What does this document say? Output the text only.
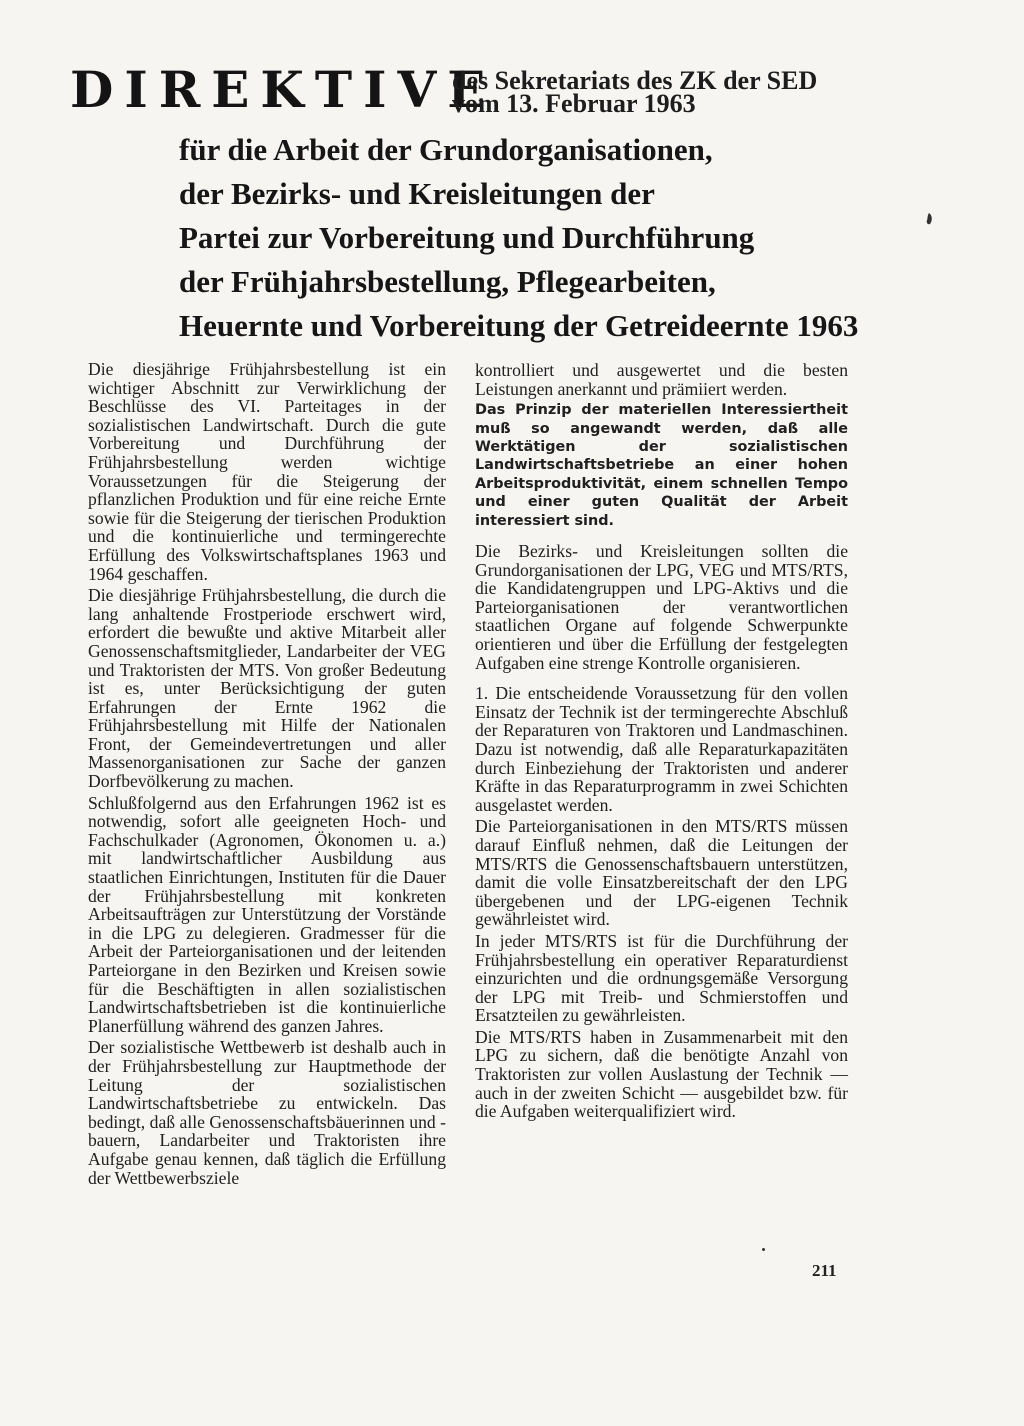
DIREKTIVE
des Sekretariats des ZK der SED
vom 13. Februar 1963
für die Arbeit der Grundorganisationen,
der Bezirks- und Kreisleitungen der
Partei zur Vorbereitung und Durchführung
der Frühjahrsbestellung, Pflegearbeiten,
Heuernte und Vorbereitung der Getreideernte 1963

Die diesjährige Frühjahrsbestellung ist ein wichtiger Abschnitt zur Verwirklichung der Beschlüsse des VI. Parteitages in der sozialistischen Landwirtschaft. Durch die gute Vorbereitung und Durchführung der Frühjahrsbestellung werden wichtige Voraussetzungen für die Steigerung der pflanzlichen Produktion und für eine reiche Ernte sowie für die Steigerung der tierischen Produktion und die kontinuierliche und termingerechte Erfüllung des Volkswirtschaftsplanes 1963 und 1964 geschaffen.

Die diesjährige Frühjahrsbestellung, die durch die lang anhaltende Frostperiode erschwert wird, erfordert die bewußte und aktive Mitarbeit aller Genossenschaftsmitglieder, Landarbeiter der VEG und Traktoristen der MTS. Von großer Bedeutung ist es, unter Berücksichtigung der guten Erfahrungen der Ernte 1962 die Frühjahrsbestellung mit Hilfe der Nationalen Front, der Gemeindevertretungen und aller Massenorganisationen zur Sache der ganzen Dorfbevölkerung zu machen.

Schlußfolgernd aus den Erfahrungen 1962 ist es notwendig, sofort alle geeigneten Hoch- und Fachschulkader (Agronomen, Ökonomen u. a.) mit landwirtschaftlicher Ausbildung aus staatlichen Einrichtungen, Instituten für die Dauer der Frühjahrsbestellung mit konkreten Arbeitsaufträgen zur Unterstützung der Vorstände in die LPG zu delegieren. Gradmesser für die Arbeit der Parteiorganisationen und der leitenden Parteiorgane in den Bezirken und Kreisen sowie für die Beschäftigten in allen sozialistischen Landwirtschaftsbetrieben ist die kontinuierliche Planerfüllung während des ganzen Jahres.

Der sozialistische Wettbewerb ist deshalb auch in der Frühjahrsbestellung zur Hauptmethode der Leitung der sozialistischen Landwirtschaftsbetriebe zu entwickeln. Das bedingt, daß alle Genossenschaftsbäuerinnen und -bauern, Landarbeiter und Traktoristen ihre Aufgabe genau kennen, daß täglich die Erfüllung der Wettbewerbsziele

kontrolliert und ausgewertet und die besten Leistungen anerkannt und prämiiert werden.

Das Prinzip der materiellen Interessiertheit muß so angewandt werden, daß alle Werktätigen der sozialistischen Landwirtschaftsbetriebe an einer hohen Arbeitsproduktivität, einem schnellen Tempo und einer guten Qualität der Arbeit interessiert sind.

Die Bezirks- und Kreisleitungen sollten die Grundorganisationen der LPG, VEG und MTS/RTS, die Kandidatengruppen und LPG-Aktivs und die Parteiorganisationen der verantwortlichen staatlichen Organe auf folgende Schwerpunkte orientieren und über die Erfüllung der festgelegten Aufgaben eine strenge Kontrolle organisieren.

1. Die entscheidende Voraussetzung für den vollen Einsatz der Technik ist der termingerechte Abschluß der Reparaturen von Traktoren und Landmaschinen. Dazu ist notwendig, daß alle Reparaturkapazitäten durch Einbeziehung der Traktoristen und anderer Kräfte in das Reparaturprogramm in zwei Schichten ausgelastet werden.

Die Parteiorganisationen in den MTS/RTS müssen darauf Einfluß nehmen, daß die Leitungen der MTS/RTS die Genossenschaftsbauern unterstützen, damit die volle Einsatzbereitschaft der den LPG übergebenen und der LPG-eigenen Technik gewährleistet wird.

In jeder MTS/RTS ist für die Durchführung der Frühjahrsbestellung ein operativer Reparaturdienst einzurichten und die ordnungsgemäße Versorgung der LPG mit Treib- und Schmierstoffen und Ersatzteilen zu gewährleisten.

Die MTS/RTS haben in Zusammenarbeit mit den LPG zu sichern, daß die benötigte Anzahl von Traktoristen zur vollen Auslastung der Technik — auch in der zweiten Schicht — ausgebildet bzw. für die Aufgaben weiterqualifiziert wird.

211
